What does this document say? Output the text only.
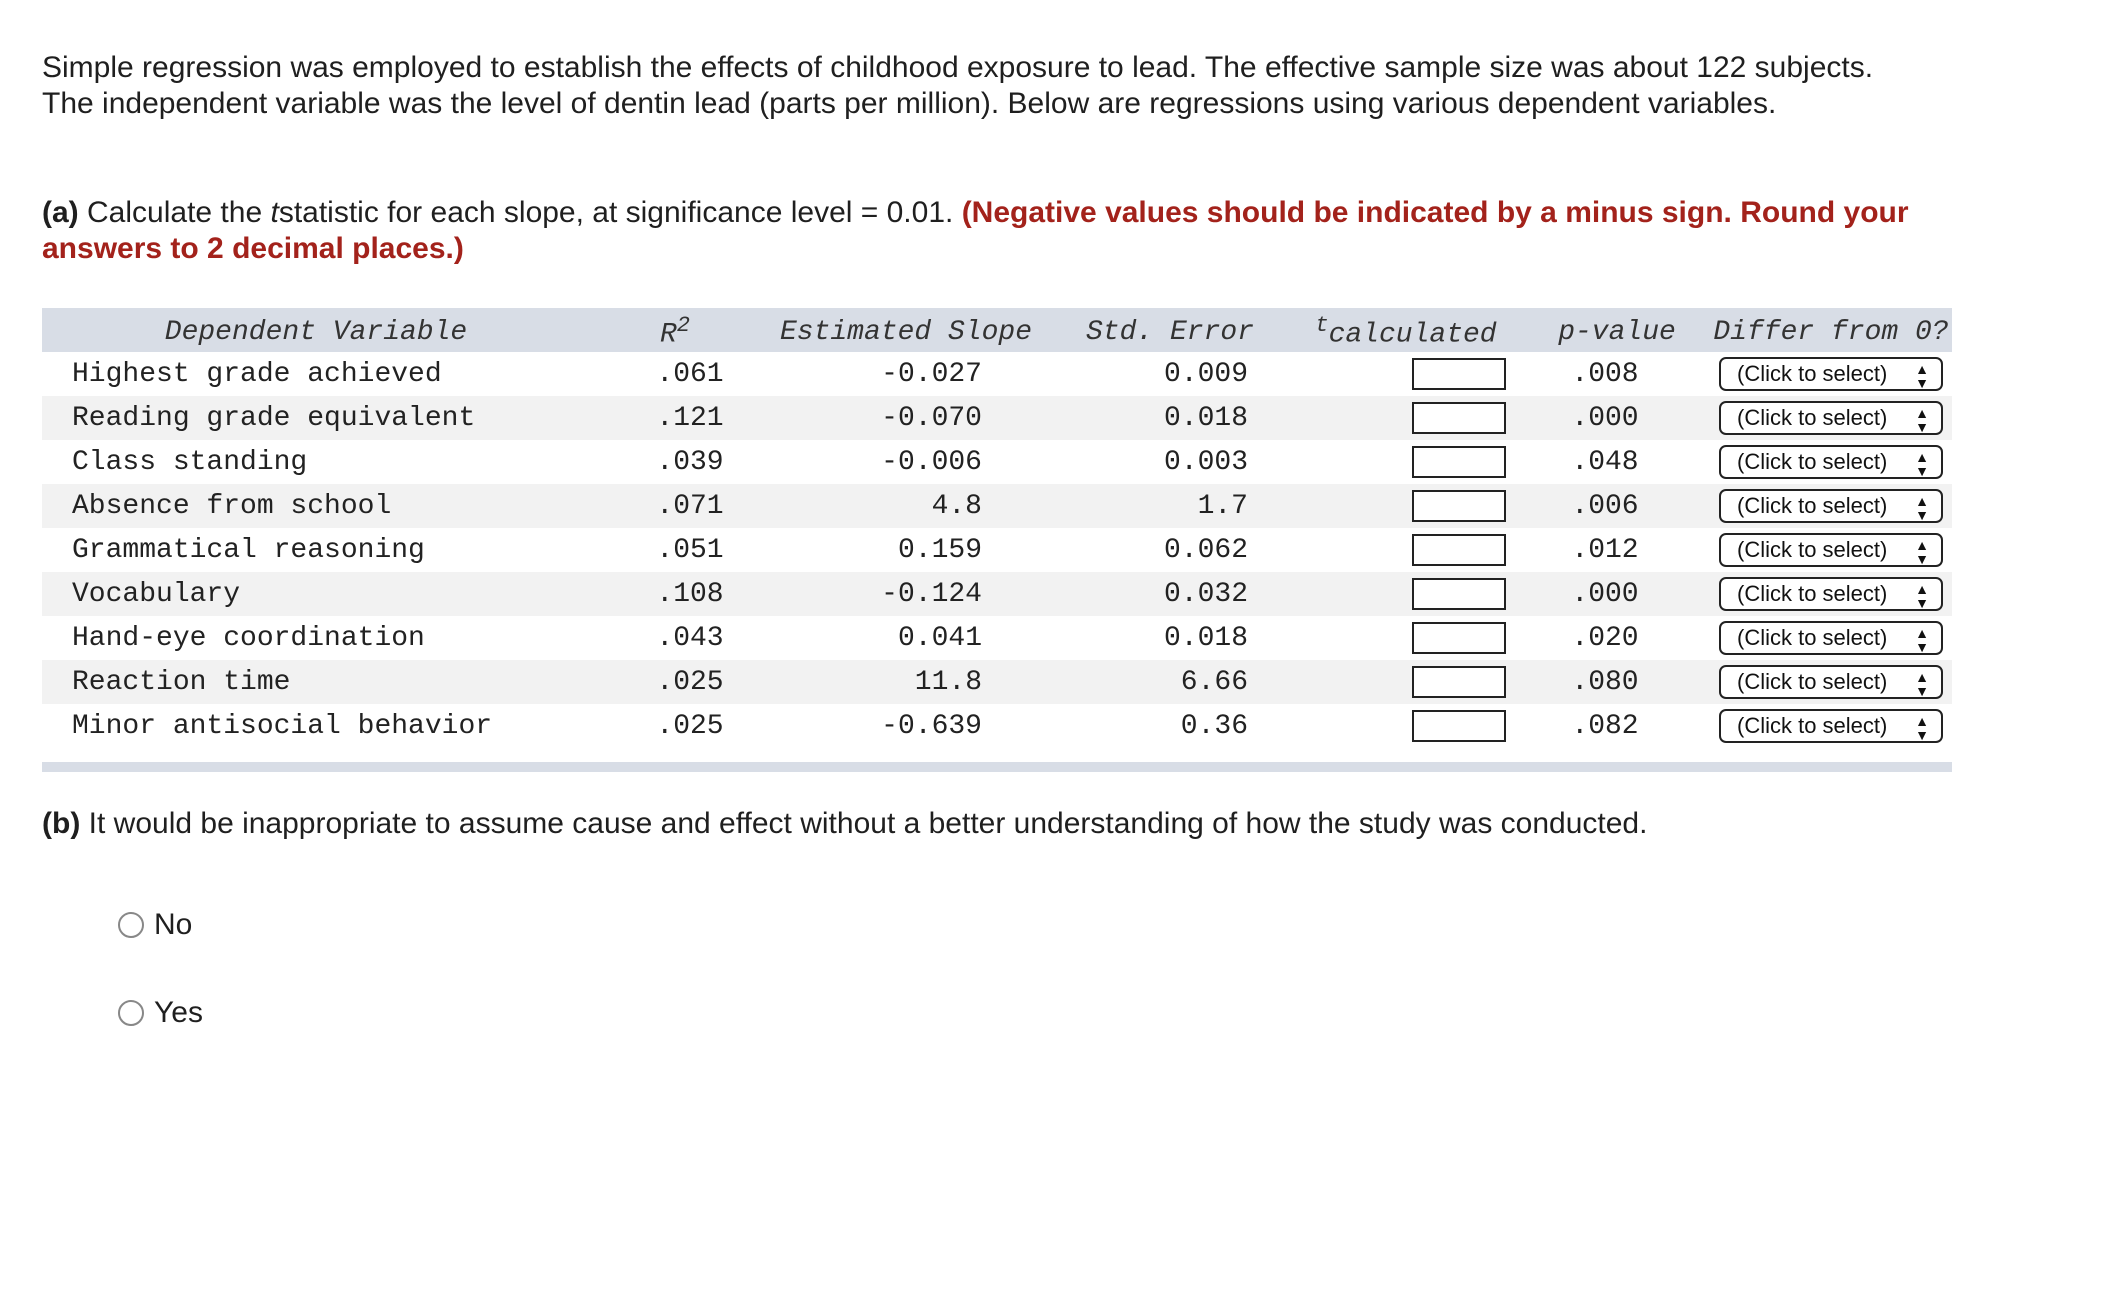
Simple regression was employed to establish the effects of childhood exposure to lead. The effective sample size was about 122 subjects. The independent variable was the level of dentin lead (parts per million). Below are regressions using various dependent variables.

(a) Calculate the tstatistic for each slope, at significance level = 0.01. (Negative values should be indicated by a minus sign. Round your answers to 2 decimal places.)

Dependent Variable	$R^2$	Estimated Slope	Std. Error	$^t$calculated	p-value	Differ from 0?
Highest grade achieved	.061	-0.027	0.009		.008	(Click to select) ▲
▼

Reading grade equivalent	.121	-0.070	0.018		.000	(Click to select) ▲
▼

Class standing	.039	-0.006	0.003		.048	(Click to select) ▲
▼

Absence from school	.071	4.8	1.7		.006	(Click to select) ▲
▼

Grammatical reasoning	.051	0.159	0.062		.012	(Click to select) ▲
▼

Vocabulary	.108	-0.124	0.032		.000	(Click to select) ▲
▼

Hand-eye coordination	.043	0.041	0.018		.020	(Click to select) ▲
▼

Reaction time	.025	11.8	6.66		.080	(Click to select) ▲
▼

Minor antisocial behavior	.025	-0.639	0.36		.082	(Click to select) ▲
▼

(b) It would be inappropriate to assume cause and effect without a better understanding of how the study was conducted.

No
Yes
